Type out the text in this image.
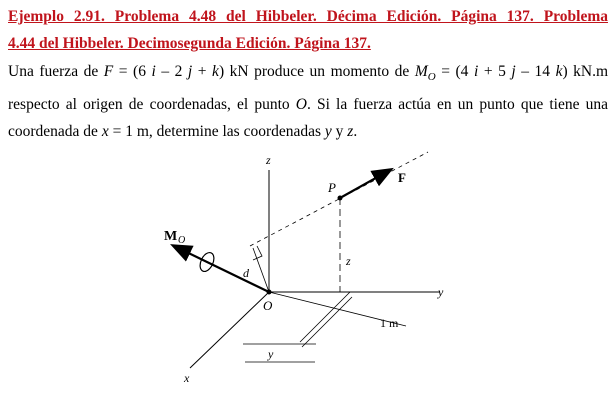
Ejemplo 2.91. Problema 4.48 del Hibbeler. Décima Edición. Página 137. Problema
4.44 del Hibbeler. Decimosegunda Edición. Página 137.
Una fuerza de F = (6 i – 2 j + k) kN produce un momento de $M_O = (4$ i + 5 j – 14 k) kN.m
respecto al origen de coordenadas, el punto O. Si la fuerza actúa en un punto que tiene una
coordenada de x = 1 m, determine las coordenadas y y z.
z
P
F
M O
d
z
y
O
1 m
y
x
